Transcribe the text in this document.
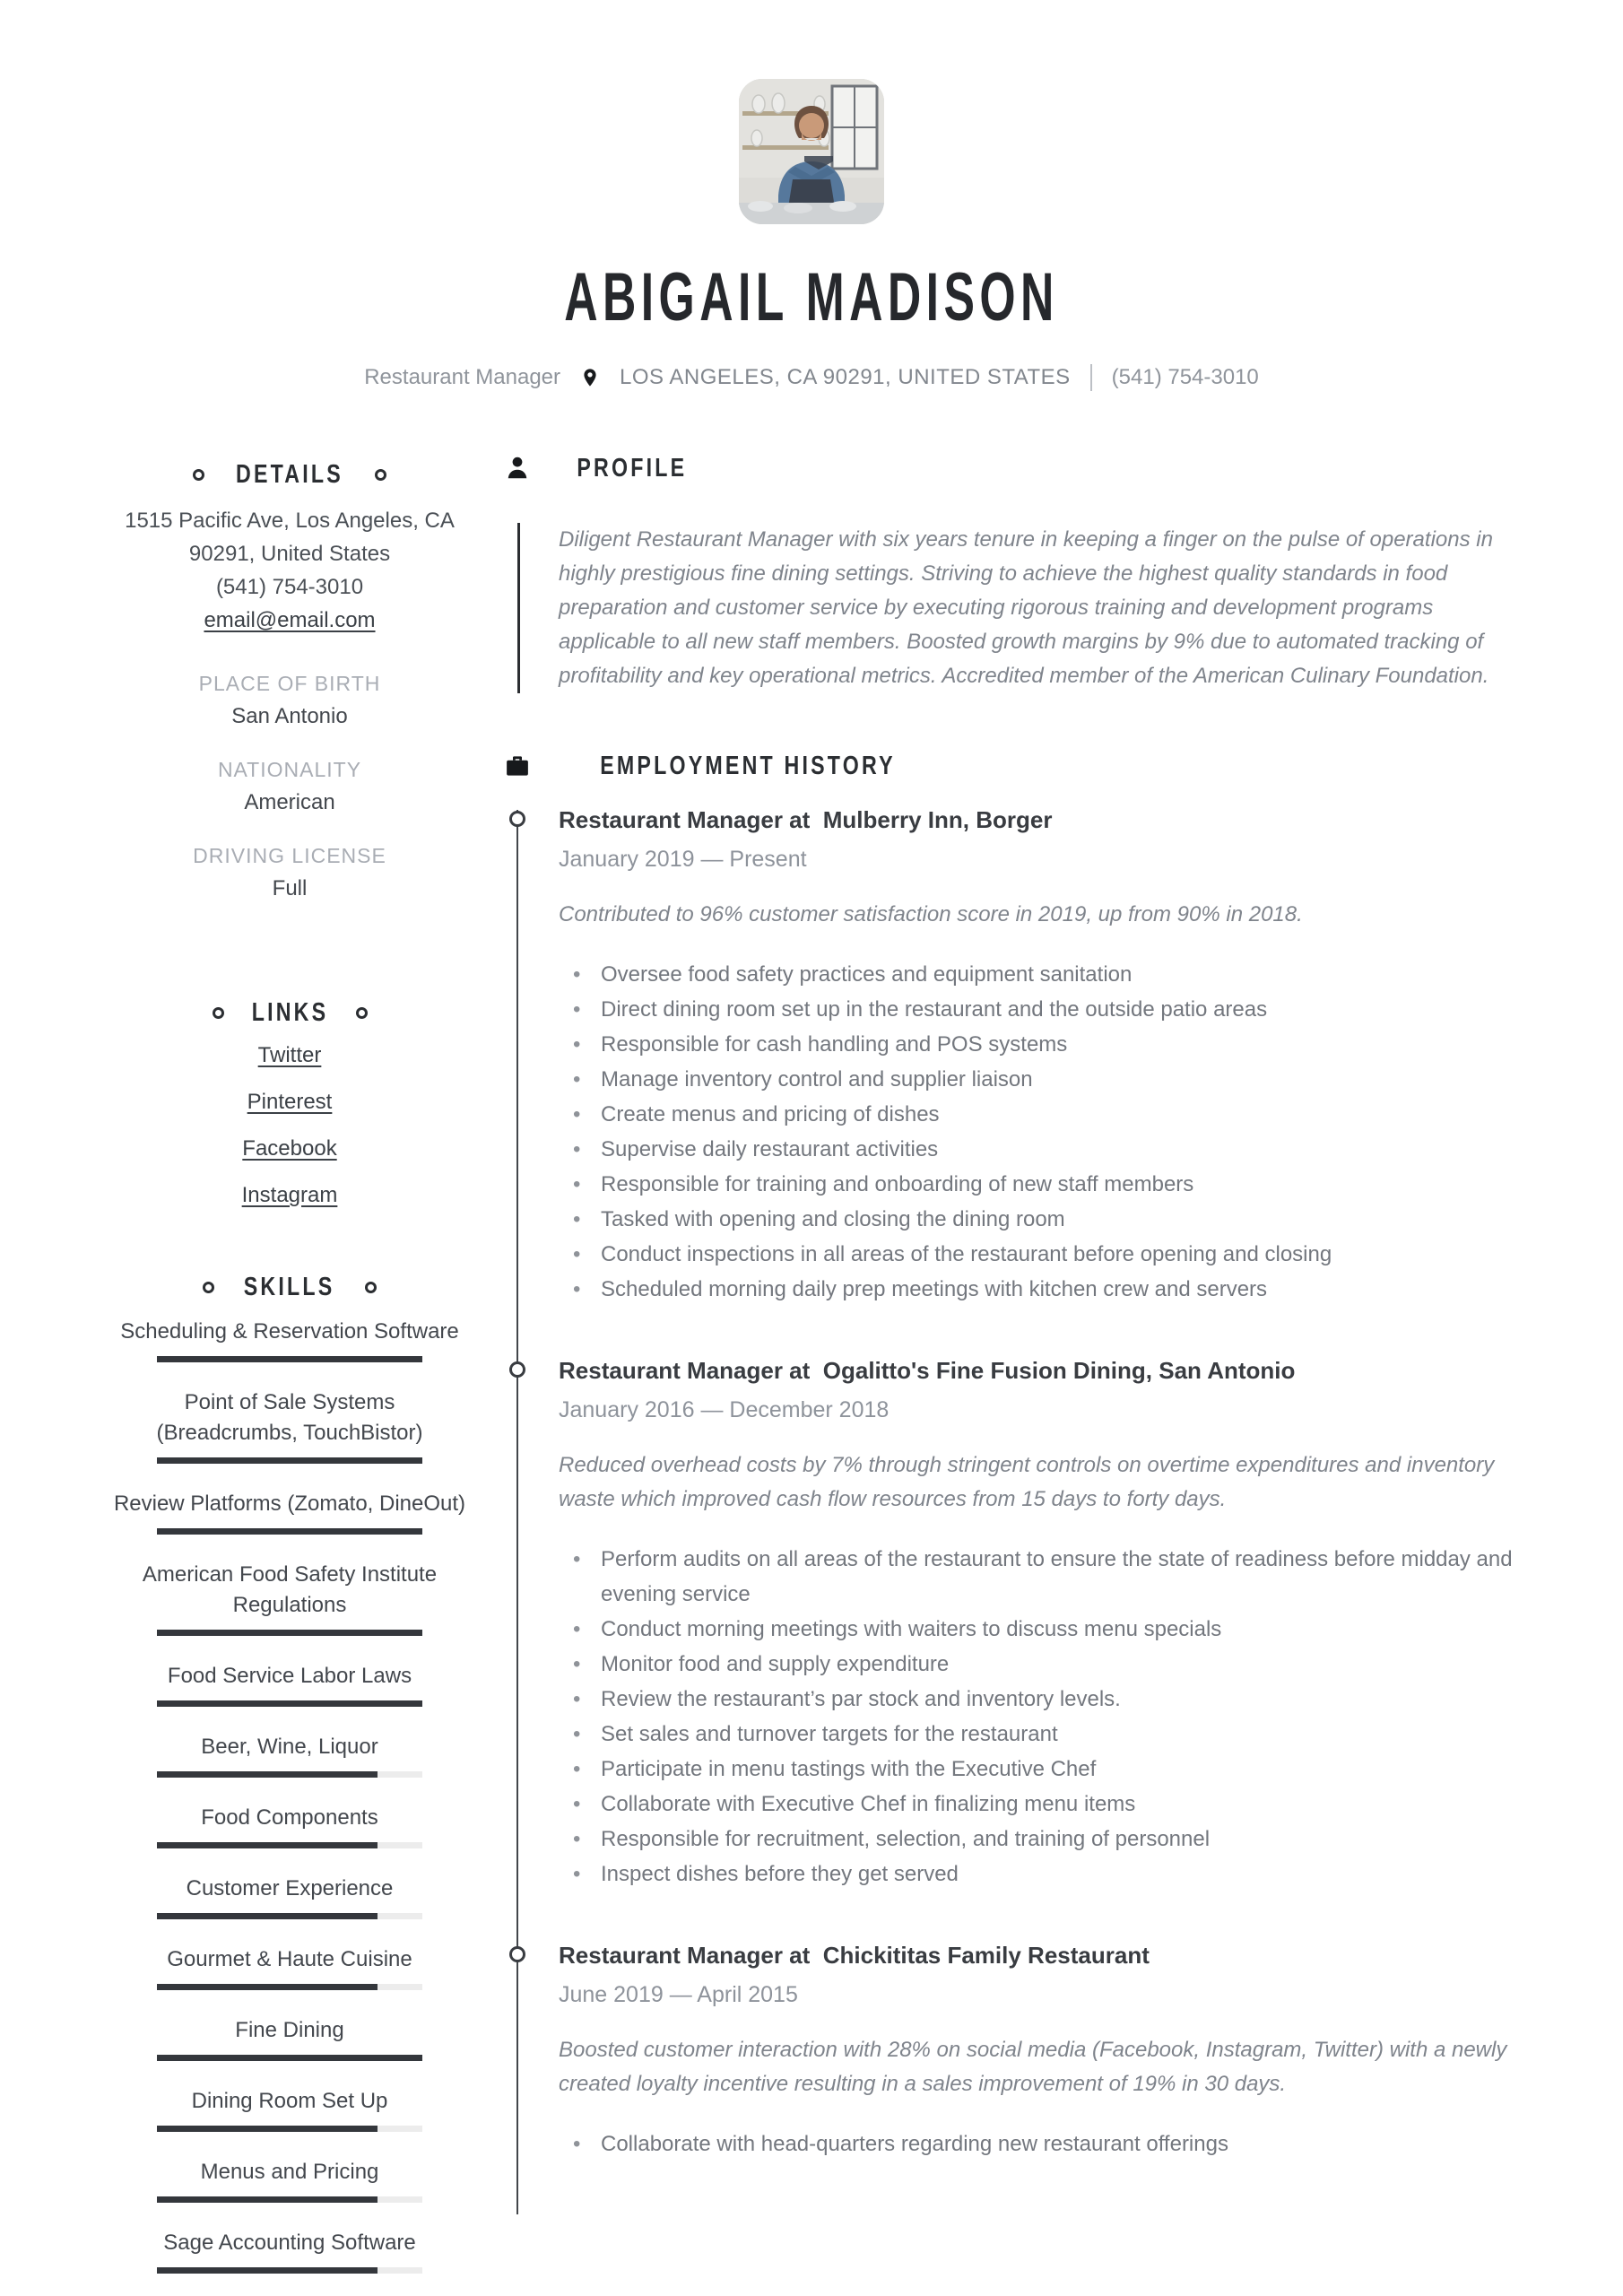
ABIGAIL MADISON
Restaurant Manager	LOS ANGELES, CA 90291, UNITED STATES (541) 754-3010
DETAILS
1515 Pacific Ave, Los Angeles, CA
90291, United States
(541) 754-3010
email@email.com
PLACE OF BIRTH
San Antonio
NATIONALITY
American
DRIVING LICENSE
Full
LINKS
Twitter
Pinterest
Facebook
Instagram
SKILLS
Scheduling & Reservation Software
Point of Sale Systems (Breadcrumbs, TouchBistor)
Review Platforms (Zomato, DineOut)
American Food Safety Institute Regulations
Food Service Labor Laws
Beer, Wine, Liquor
Food Components
Customer Experience
Gourmet & Haute Cuisine
Fine Dining
Dining Room Set Up
Menus and Pricing
Sage Accounting Software
PROFILE
Diligent Restaurant Manager with six years tenure in keeping a finger on the pulse of operations in highly prestigious fine dining settings. Striving to achieve the highest quality standards in food preparation and customer service by executing rigorous training and development programs applicable to all new staff members. Boosted growth margins by 9% due to automated tracking of profitability and key operational metrics. Accredited member of the American Culinary Foundation.
EMPLOYMENT HISTORY
Restaurant Manager at  Mulberry Inn, Borger
January 2019 — Present
Contributed to 96% customer satisfaction score in 2019, up from 90% in 2018.
• Oversee food safety practices and equipment sanitation
• Direct dining room set up in the restaurant and the outside patio areas
• Responsible for cash handling and POS systems
• Manage inventory control and supplier liaison
• Create menus and pricing of dishes
• Supervise daily restaurant activities
• Responsible for training and onboarding of new staff members
• Tasked with opening and closing the dining room
• Conduct inspections in all areas of the restaurant before opening and closing
• Scheduled morning daily prep meetings with kitchen crew and servers
Restaurant Manager at  Ogalitto's Fine Fusion Dining, San Antonio
January 2016 — December 2018
Reduced overhead costs by 7% through stringent controls on overtime expenditures and inventory waste which improved cash flow resources from 15 days to forty days.
• Perform audits on all areas of the restaurant to ensure the state of readiness before midday and evening service
• Conduct morning meetings with waiters to discuss menu specials
• Monitor food and supply expenditure
• Review the restaurant’s par stock and inventory levels.
• Set sales and turnover targets for the restaurant
• Participate in menu tastings with the Executive Chef
• Collaborate with Executive Chef in finalizing menu items
• Responsible for recruitment, selection, and training of personnel
• Inspect dishes before they get served
Restaurant Manager at  Chickititas Family Restaurant
June 2019 — April 2015
Boosted customer interaction with 28% on social media (Facebook, Instagram, Twitter) with a newly created loyalty incentive resulting in a sales improvement of 19% in 30 days.
• Collaborate with head-quarters regarding new restaurant offerings
